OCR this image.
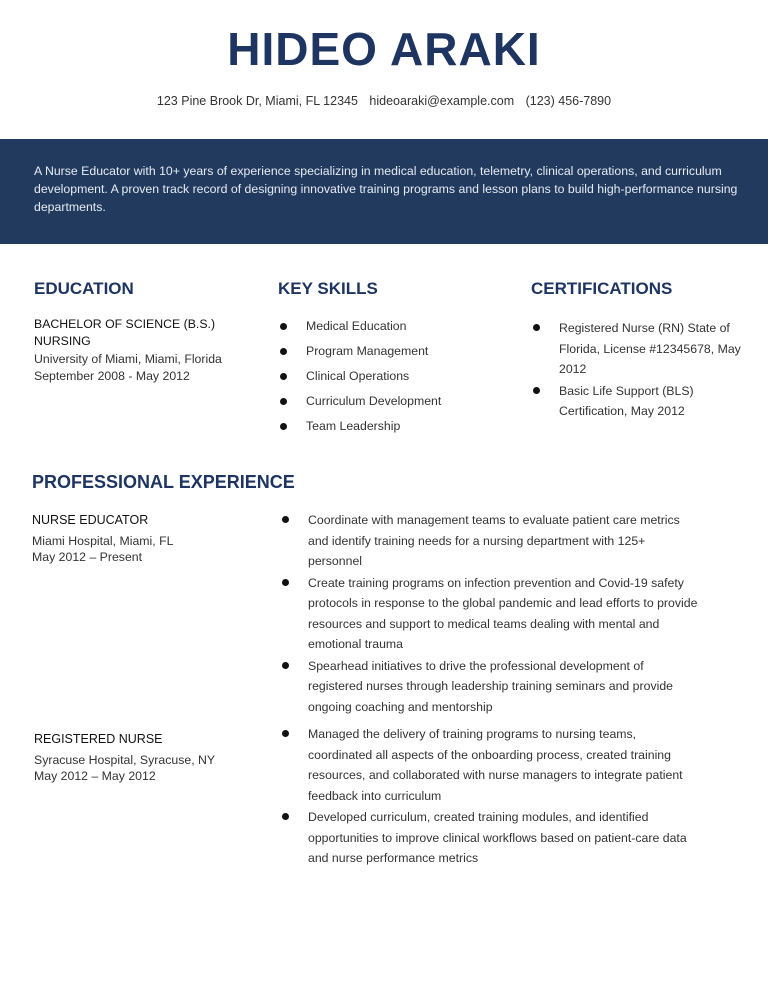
HIDEO ARAKI
123 Pine Brook Dr, Miami, FL 12345 hideoaraki@example.com (123) 456-7890
A Nurse Educator with 10+ years of experience specializing in medical education, telemetry, clinical operations, and curriculum development. A proven track record of designing innovative training programs and lesson plans to build high-performance nursing departments.
EDUCATION
BACHELOR OF SCIENCE (B.S.) NURSING
University of Miami, Miami, Florida
September 2008 - May 2012
KEY SKILLS
Medical Education
Program Management
Clinical Operations
Curriculum Development
Team Leadership
CERTIFICATIONS
Registered Nurse (RN) State of Florida, License #12345678, May 2012
Basic Life Support (BLS) Certification, May 2012
PROFESSIONAL EXPERIENCE
NURSE EDUCATOR
Miami Hospital, Miami, FL
May 2012 – Present
Coordinate with management teams to evaluate patient care metrics and identify training needs for a nursing department with 125+ personnel
Create training programs on infection prevention and Covid-19 safety protocols in response to the global pandemic and lead efforts to provide resources and support to medical teams dealing with mental and emotional trauma
Spearhead initiatives to drive the professional development of registered nurses through leadership training seminars and provide ongoing coaching and mentorship
REGISTERED NURSE
Syracuse Hospital, Syracuse, NY
May 2012 – May 2012
Managed the delivery of training programs to nursing teams, coordinated all aspects of the onboarding process, created training resources, and collaborated with nurse managers to integrate patient feedback into curriculum
Developed curriculum, created training modules, and identified opportunities to improve clinical workflows based on patient-care data and nurse performance metrics
